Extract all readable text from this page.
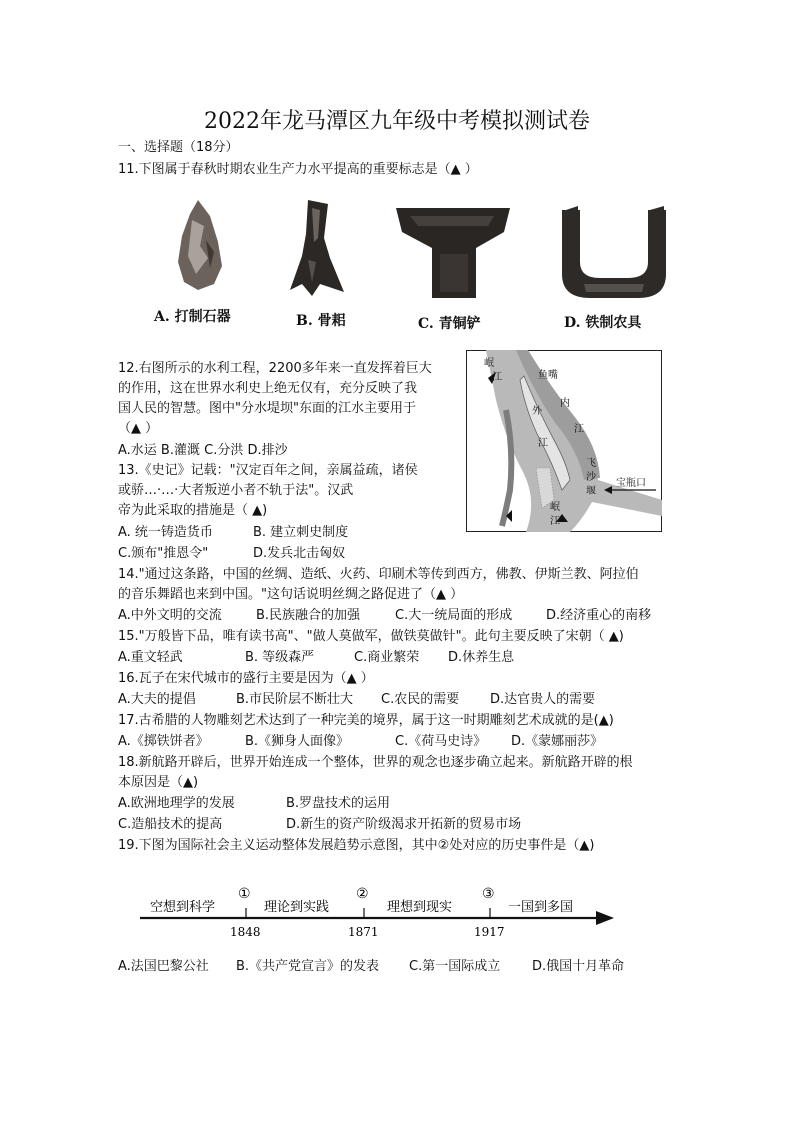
2022年龙马潭区九年级中考模拟测试卷
一、选择题（18分）
11.下图属于春秋时期农业生产力水平提高的重要标志是（▲ ）
A. 打制石器	B. 骨耜	C. 青铜铲	D. 铁制农具
12.右图所示的水利工程，2200多年来一直发挥着巨大
的作用，这在世界水利史上绝无仅有，充分反映了我
国人民的智慧。图中"分水堤坝"东面的江水主要用于
（▲ ）
A.水运 B.灌溉 C.分洪 D.排沙
岷
江	鱼嘴
外
内
江
江
飞
沙
堰
宝瓶口
岷
江
13.《史记》记载："汉定百年之间，亲属益疏，诸侯
或骄…·…·大者叛逆小者不轨于法"。汉武
帝为此采取的措施是（ ▲)
A. 统一铸造货币	B. 建立刺史制度
C.颁布"推恩令"	D.发兵北击匈奴
14."通过这条路，中国的丝绸、造纸、火药、印刷术等传到西方，佛教、伊斯兰教、阿拉伯
的音乐舞蹈也来到中国。"这句话说明丝绸之路促进了（▲ ）
A.中外文明的交流	B.民族融合的加强	C.大一统局面的形成	D.经济重心的南移
15."万般皆下品，唯有读书高"、"做人莫做军，做铁莫做针"。此句主要反映了宋朝（ ▲)
A.重文轻武	B. 等级森严	C.商业繁荣 D.休养生息
16.瓦子在宋代城市的盛行主要是因为（▲ ）
A.大夫的提倡	B.市民阶层不断壮大 C.农民的需要 D.达官贵人的需要
17.古希腊的人物雕刻艺术达到了一种完美的境界，属于这一时期雕刻艺术成就的是(▲)
A.《掷铁饼者》	B.《狮身人面像》	C.《荷马史诗》 D.《蒙娜丽莎》
18.新航路开辟后，世界开始连成一个整体，世界的观念也逐步确立起来。新航路开辟的根
本原因是（▲)
A.欧洲地理学的发展	B.罗盘技术的运用
C.造船技术的提高	D.新生的资产阶级渴求开拓新的贸易市场
19.下图为国际社会主义运动整体发展趋势示意图，其中②处对应的历史事件是（▲)
空想到科学	理论到实践	理想到现实	一国到多国
①	②	③
1848	1871	1917
A.法国巴黎公社 B.《共产党宣言》的发表 C.第一国际成立 D.俄国十月革命
